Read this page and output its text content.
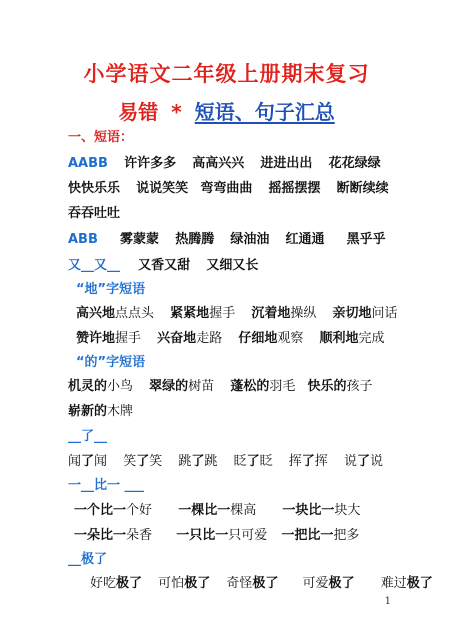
小学语文二年级上册期末复习
易错 * 短语、句子汇总
一、短语：
AABB 许许多多 高高兴兴 进进出出 花花绿绿
快快乐乐 说说笑笑 弯弯曲曲 摇摇摆摆 断断续续
吞吞吐吐
ABB 雾蒙蒙 热腾腾 绿油油 红通通 黑乎乎
又__又__ 又香又甜 又细又长
“地”字短语
高兴地点点头 紧紧地握手 沉着地操纵 亲切地问话
赞许地握手 兴奋地走路 仔细地观察 顺利地完成
“的”字短语
机灵的小鸟 翠绿的树苗 蓬松的羽毛 快乐的孩子
崭新的木牌
__了__
闻了闻 笑了笑 跳了跳 眨了眨 挥了挥 说了说
一__比一 ___
一个比一个好 一棵比一棵高 一块比一块大
一朵比一朵香 一只比一只可爱 一把比一把多
__极了
好吃极了 可怕极了 奇怪极了 可爱极了 难过极了
1
